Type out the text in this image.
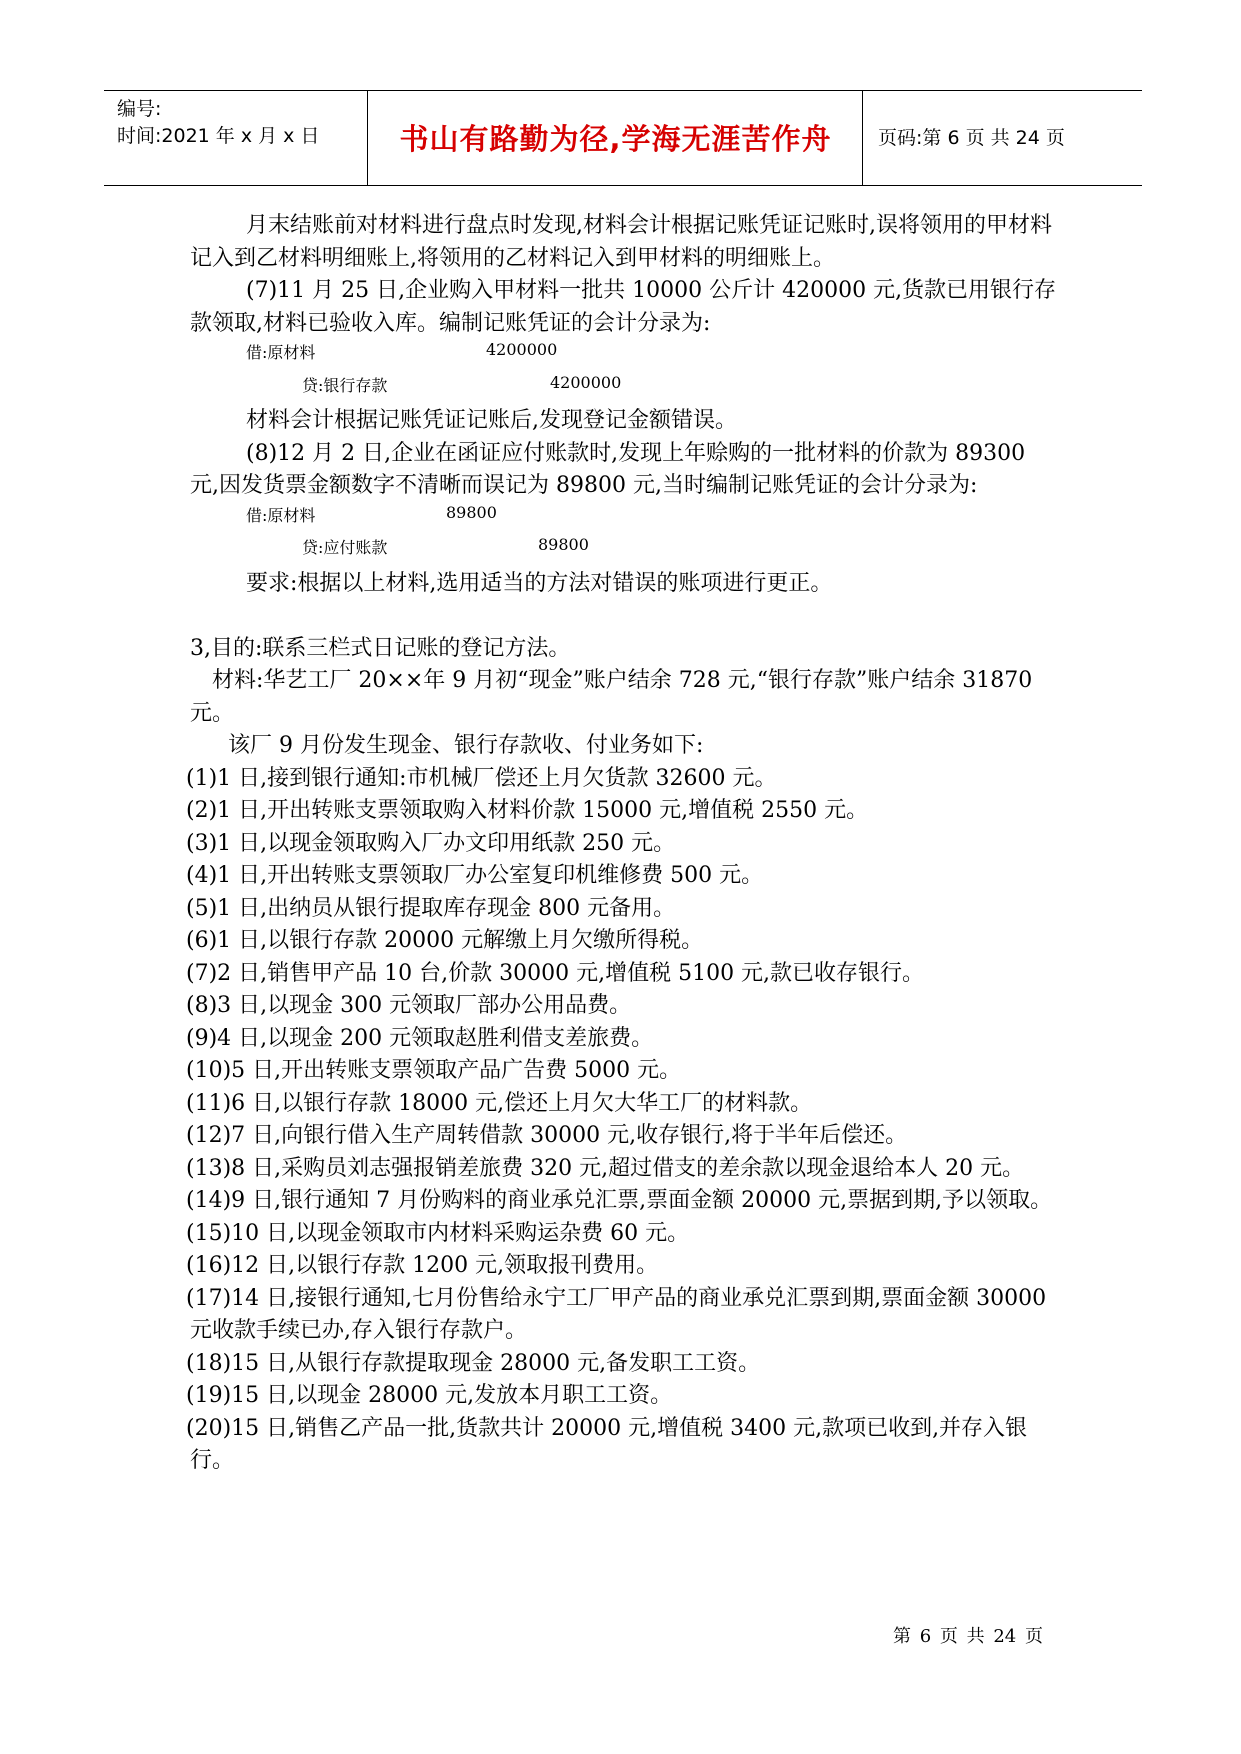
编号:
时间:2021 年 x 月 x 日	书山有路勤为径,学海无涯苦作舟	页码:第 6 页 共 24 页

月末结账前对材料进行盘点时发现,材料会计根据记账凭证记账时,误将领用的甲材料记入到乙材料明细账上,将领用的乙材料记入到甲材料的明细账上。

(7)11 月 25 日,企业购入甲材料一批共 10000 公斤计 420000 元,货款已用银行存款领取,材料已验收入库。编制记账凭证的会计分录为:

借:原材料	4200000
贷:银行存款	4200000

材料会计根据记账凭证记账后,发现登记金额错误。

(8)12 月 2 日,企业在函证应付账款时,发现上年赊购的一批材料的价款为 89300 元,因发货票金额数字不清晰而误记为 89800 元,当时编制记账凭证的会计分录为:

借:原材料	89800
贷:应付账款	89800

要求:根据以上材料,选用适当的方法对错误的账项进行更正。

3,目的:联系三栏式日记账的登记方法。

材料:华艺工厂 20××年 9 月初“现金”账户结余 728 元,“银行存款”账户结余 31870 元。

该厂 9 月份发生现金、银行存款收、付业务如下:

(1)1 日,接到银行通知:市机械厂偿还上月欠货款 32600 元。

(2)1 日,开出转账支票领取购入材料价款 15000 元,增值税 2550 元。

(3)1 日,以现金领取购入厂办文印用纸款 250 元。

(4)1 日,开出转账支票领取厂办公室复印机维修费 500 元。

(5)1 日,出纳员从银行提取库存现金 800 元备用。

(6)1 日,以银行存款 20000 元解缴上月欠缴所得税。

(7)2 日,销售甲产品 10 台,价款 30000 元,增值税 5100 元,款已收存银行。

(8)3 日,以现金 300 元领取厂部办公用品费。

(9)4 日,以现金 200 元领取赵胜利借支差旅费。

(10)5 日,开出转账支票领取产品广告费 5000 元。

(11)6 日,以银行存款 18000 元,偿还上月欠大华工厂的材料款。

(12)7 日,向银行借入生产周转借款 30000 元,收存银行,将于半年后偿还。

(13)8 日,采购员刘志强报销差旅费 320 元,超过借支的差余款以现金退给本人 20 元。

(14)9 日,银行通知 7 月份购料的商业承兑汇票,票面金额 20000 元,票据到期,予以领取。

(15)10 日,以现金领取市内材料采购运杂费 60 元。

(16)12 日,以银行存款 1200 元,领取报刊费用。

(17)14 日,接银行通知,七月份售给永宁工厂甲产品的商业承兑汇票到期,票面金额 30000 元收款手续已办,存入银行存款户。

(18)15 日,从银行存款提取现金 28000 元,备发职工工资。

(19)15 日,以现金 28000 元,发放本月职工工资。

(20)15 日,销售乙产品一批,货款共计 20000 元,增值税 3400 元,款项已收到,并存入银行。

第 6 页 共 24 页
